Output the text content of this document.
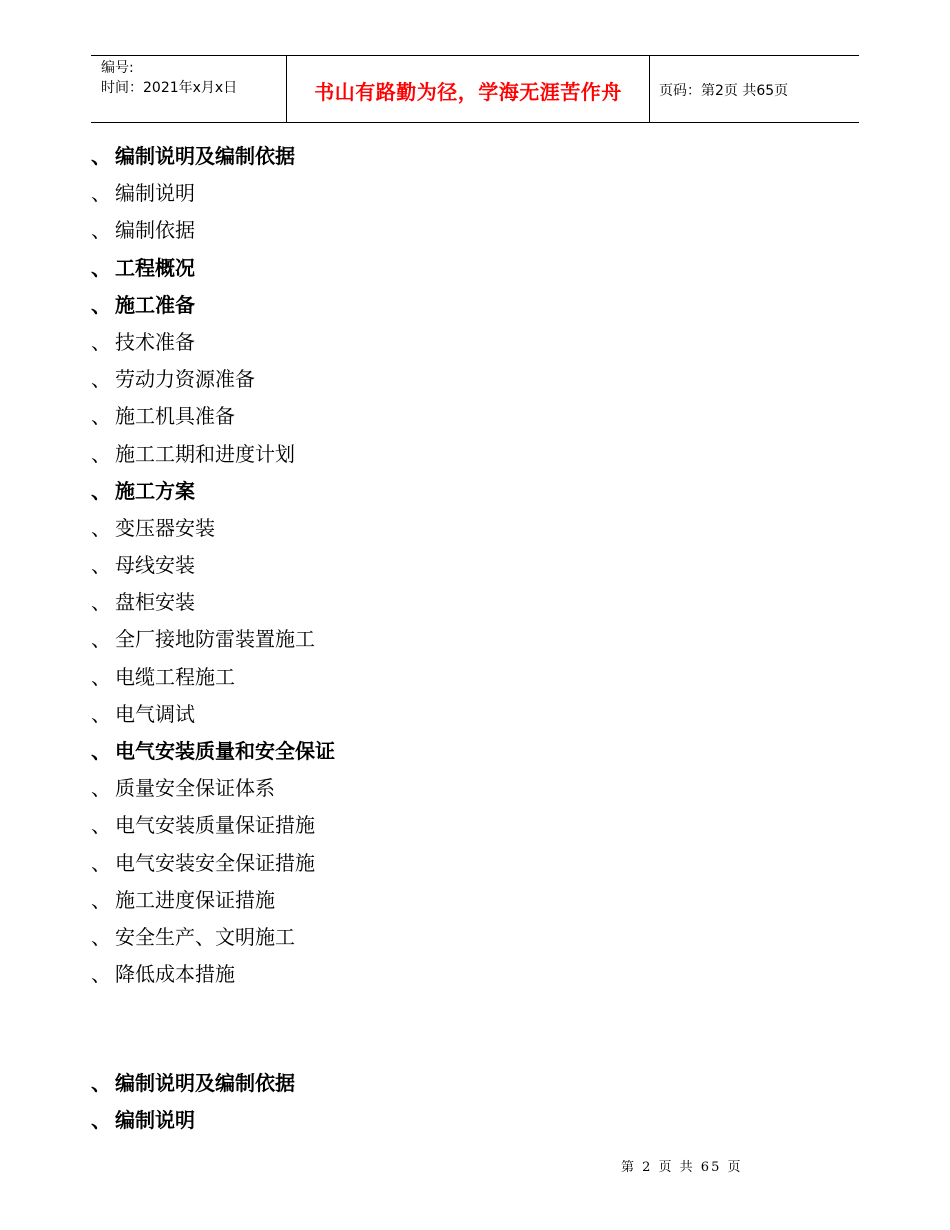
编号:
时间：2021年x月x日	书山有路勤为径，学海无涯苦作舟	页码：第2页 共65页
、 编制说明及编制依据
、 编制说明
、 编制依据
、 工程概况
、 施工准备
、 技术准备
、 劳动力资源准备
、 施工机具准备
、 施工工期和进度计划
、 施工方案
、 变压器安装
、 母线安装
、 盘柜安装
、 全厂接地防雷装置施工
、 电缆工程施工
、 电气调试
、 电气安装质量和安全保证
、 质量安全保证体系
、 电气安装质量保证措施
、 电气安装安全保证措施
、 施工进度保证措施
、 安全生产、文明施工
、 降低成本措施
、 编制说明及编制依据
、 编制说明
第 2 页 共 65 页
